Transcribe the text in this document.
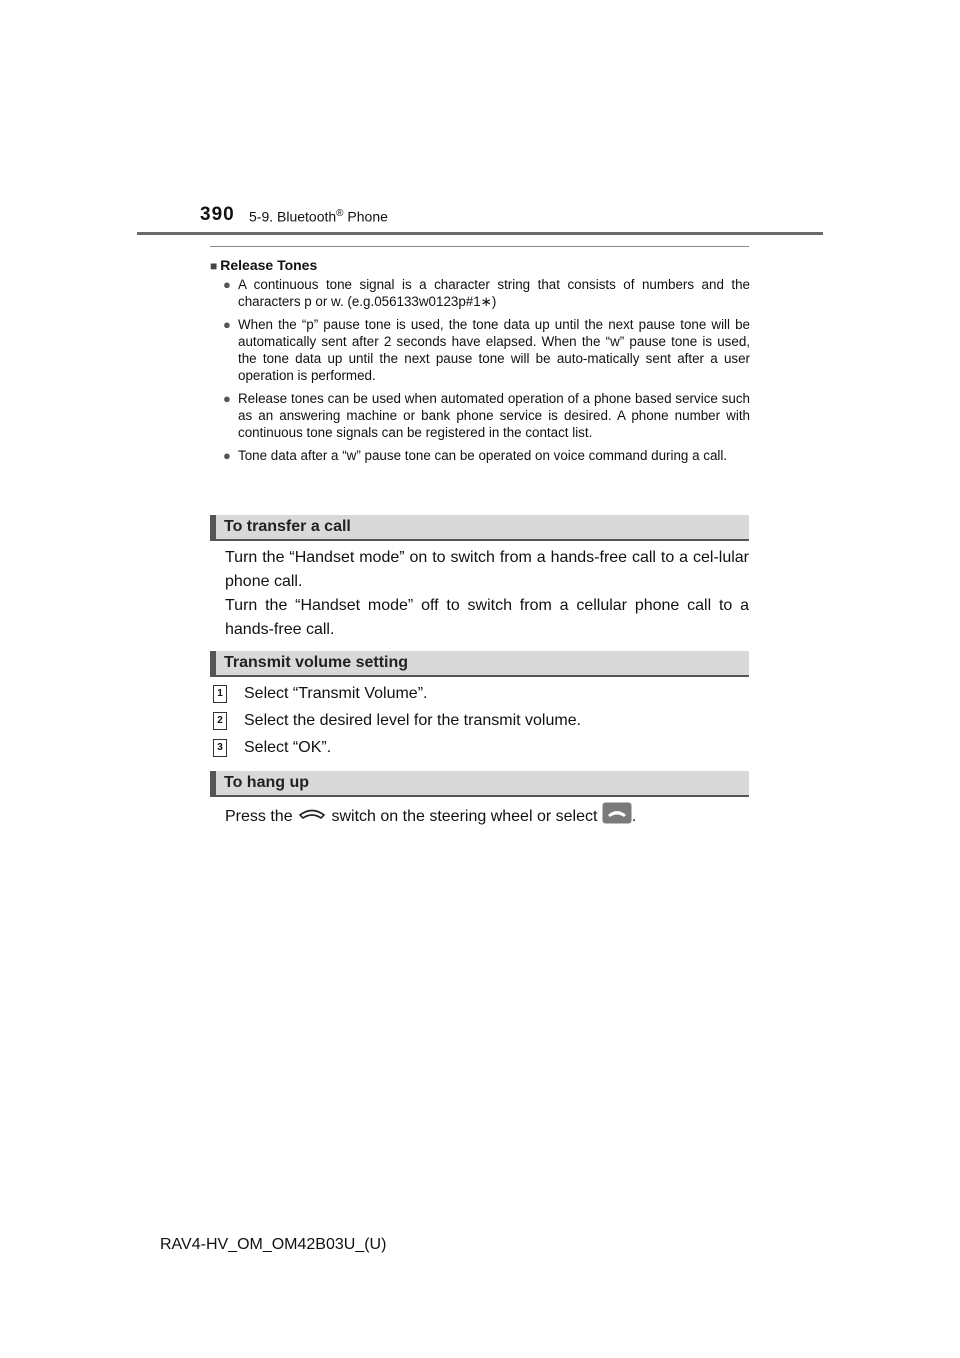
390 5-9. Bluetooth® Phone
■ Release Tones
● A continuous tone signal is a character string that consists of numbers and the characters p or w. (e.g.056133w0123p#1∗)
● When the “p” pause tone is used, the tone data up until the next pause tone will be automatically sent after 2 seconds have elapsed. When the “w” pause tone is used, the tone data up until the next pause tone will be auto-matically sent after a user operation is performed.
● Release tones can be used when automated operation of a phone based service such as an answering machine or bank phone service is desired. A phone number with continuous tone signals can be registered in the contact list.
● Tone data after a “w” pause tone can be operated on voice command during a call.
To transfer a call
Turn the “Handset mode” on to switch from a hands-free call to a cel-lular phone call.
Turn the “Handset mode” off to switch from a cellular phone call to a hands-free call.
Transmit volume setting
1 Select “Transmit Volume”.
2 Select the desired level for the transmit volume.
3 Select “OK”.
To hang up
Press the switch on the steering wheel or select .
RAV4-HV_OM_OM42B03U_(U)
